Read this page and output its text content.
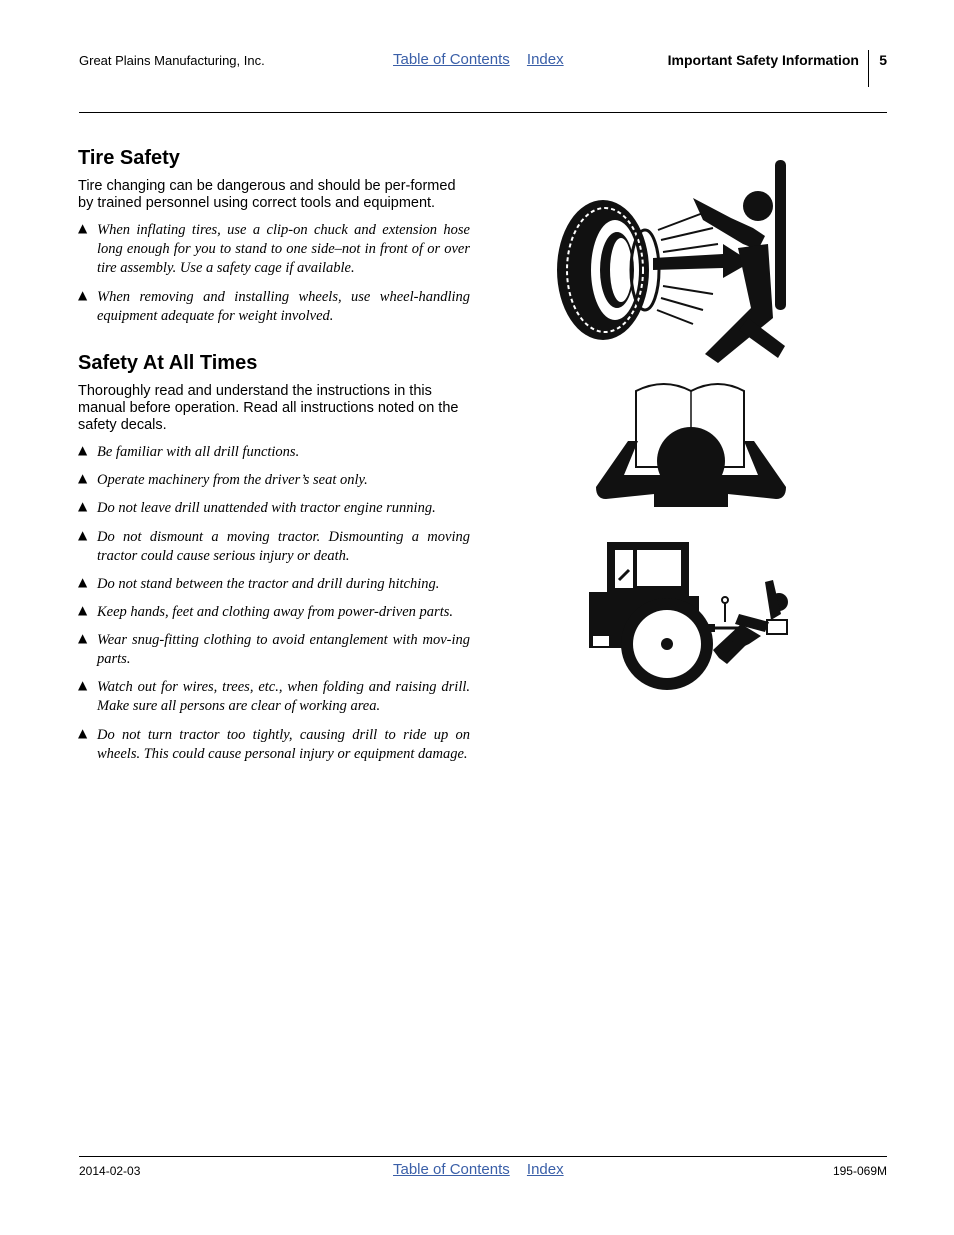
Great Plains Manufacturing, Inc.	Table of Contents Index	Important Safety Information 5
Tire Safety

Tire changing can be dangerous and should be per-formed by trained personnel using correct tools and equipment.

▲ When inflating tires, use a clip-on chuck and extension hose long enough for you to stand to one side–not in front of or over tire assembly. Use a safety cage if available.
▲ When removing and installing wheels, use wheel-handling equipment adequate for weight involved.
Safety At All Times

Thoroughly read and understand the instructions in this manual before operation. Read all instructions noted on the safety decals.

▲ Be familiar with all drill functions.
▲ Operate machinery from the driver’s seat only.
▲ Do not leave drill unattended with tractor engine running.
▲ Do not dismount a moving tractor. Dismounting a moving tractor could cause serious injury or death.
▲ Do not stand between the tractor and drill during hitching.
▲ Keep hands, feet and clothing away from power-driven parts.
▲ Wear snug-fitting clothing to avoid entanglement with mov-ing parts.
▲ Watch out for wires, trees, etc., when folding and raising drill. Make sure all persons are clear of working area.
▲ Do not turn tractor too tightly, causing drill to ride up on wheels. This could cause personal injury or equipment damage.
2014-02-03	Table of Contents Index	195-069M
